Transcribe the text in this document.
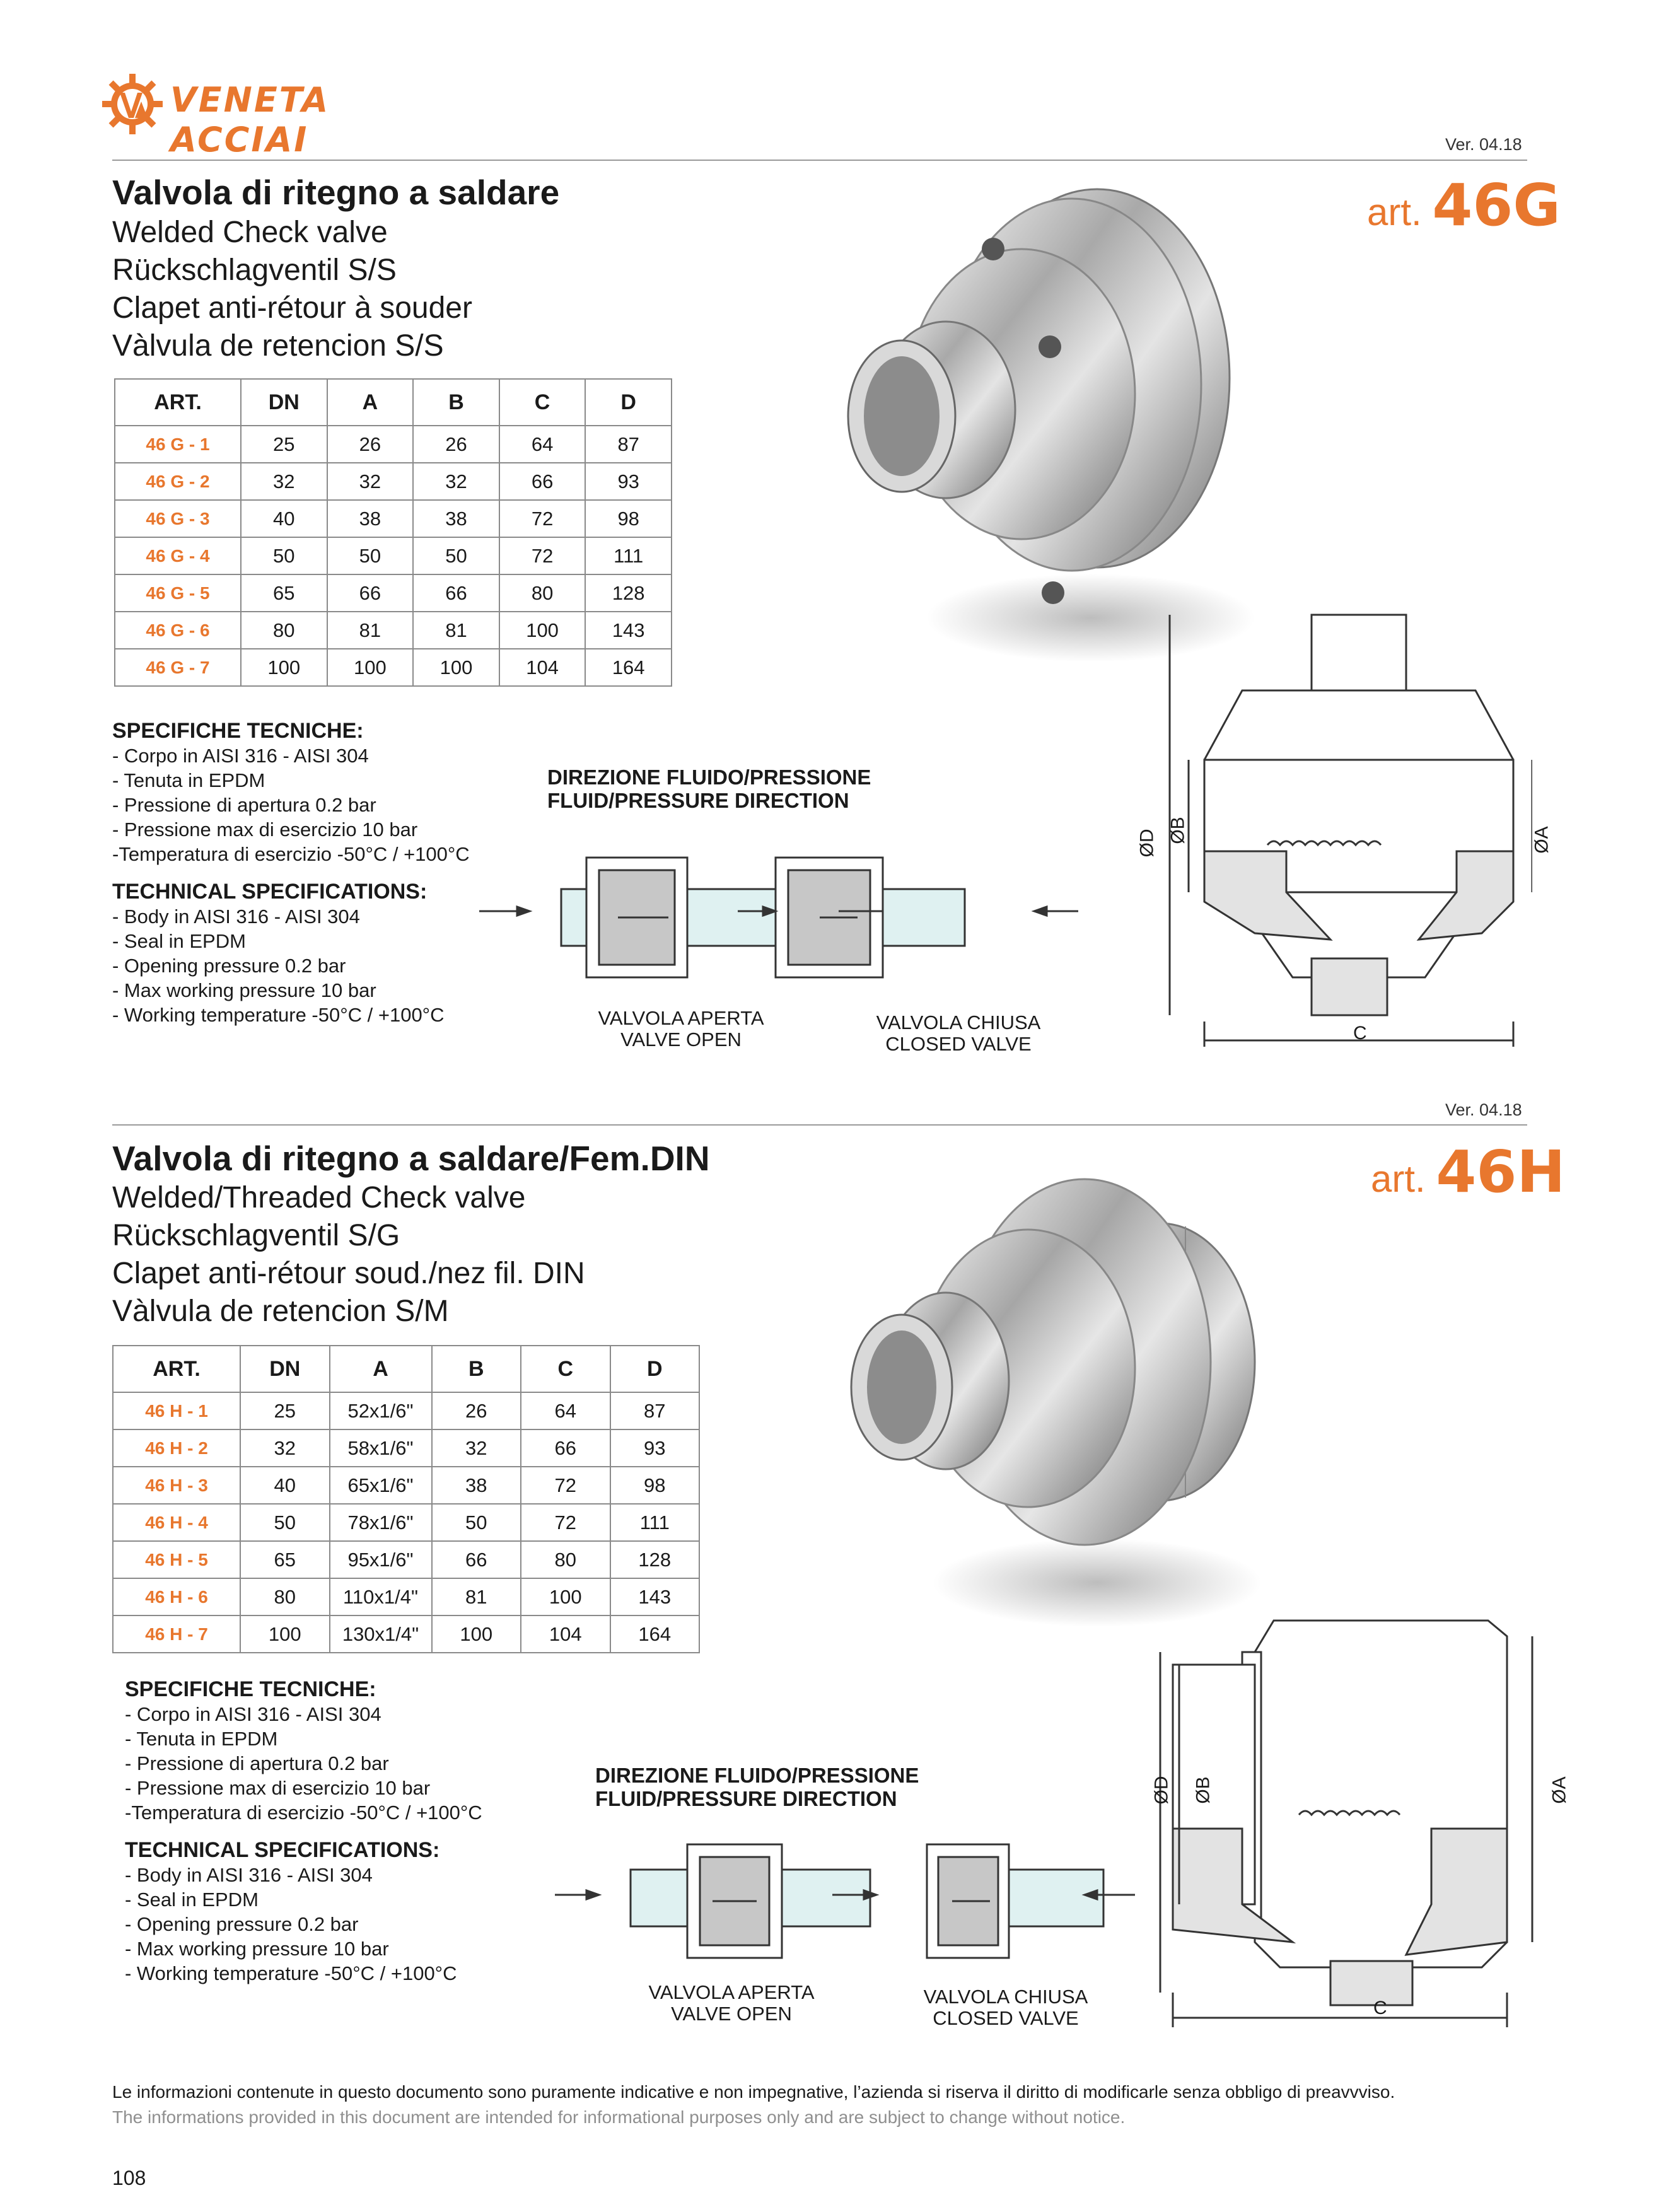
VENETA ACCIAI	Ver. 04.18
Valvola di ritegno a saldare
Welded Check valve
Rückschlagventil S/S
Clapet anti-rétour à souder
Vàlvula de retencion S/S
art. 46G
ART.	DN	A	B	C	D
46 G - 1	25	26	26	64	87
46 G - 2	32	32	32	66	93
46 G - 3	40	38	38	72	98
46 G - 4	50	50	50	72	111
46 G - 5	65	66	66	80	128
46 G - 6	80	81	81	100	143
46 G - 7	100	100	100	104	164
SPECIFICHE TECNICHE:
- Corpo in AISI 316 - AISI 304
- Tenuta in EPDM
- Pressione di apertura 0.2 bar
- Pressione max di esercizio 10 bar
-Temperatura di esercizio -50°C / +100°C
TECHNICAL SPECIFICATIONS:
- Body in AISI 316 - AISI 304
- Seal in EPDM
- Opening pressure 0.2 bar
- Max working pressure 10 bar
- Working temperature -50°C / +100°C
DIREZIONE FLUIDO/PRESSIONE
FLUID/PRESSURE DIRECTION
VALVOLA APERTA
VALVE OPEN
VALVOLA CHIUSA
CLOSED VALVE
ØD ØB	ØA
C
Ver. 04.18
Valvola di ritegno a saldare/Fem.DIN
Welded/Threaded Check valve
Rückschlagventil S/G
Clapet anti-rétour soud./nez fil. DIN
Vàlvula de retencion S/M
art. 46H
ART.	DN	A	B	C	D
46 H - 1	25	52x1/6"	26	64	87
46 H - 2	32	58x1/6"	32	66	93
46 H - 3	40	65x1/6"	38	72	98
46 H - 4	50	78x1/6"	50	72	111
46 H - 5	65	95x1/6"	66	80	128
46 H - 6	80	110x1/4"	81	100	143
46 H - 7	100	130x1/4"	100	104	164
SPECIFICHE TECNICHE:
- Corpo in AISI 316 - AISI 304
- Tenuta in EPDM
- Pressione di apertura 0.2 bar
- Pressione max di esercizio 10 bar
-Temperatura di esercizio -50°C / +100°C
TECHNICAL SPECIFICATIONS:
- Body in AISI 316 - AISI 304
- Seal in EPDM
- Opening pressure 0.2 bar
- Max working pressure 10 bar
- Working temperature -50°C / +100°C
DIREZIONE FLUIDO/PRESSIONE
FLUID/PRESSURE DIRECTION
VALVOLA APERTA
VALVE OPEN
VALVOLA CHIUSA
CLOSED VALVE
ØD ØB	ØA
C
Le informazioni contenute in questo documento sono puramente indicative e non impegnative, l’azienda si riserva il diritto di modificarle senza obbligo di preavvviso.
The informations provided in this document are intended for informational purposes only and are subject to change without notice.
108
